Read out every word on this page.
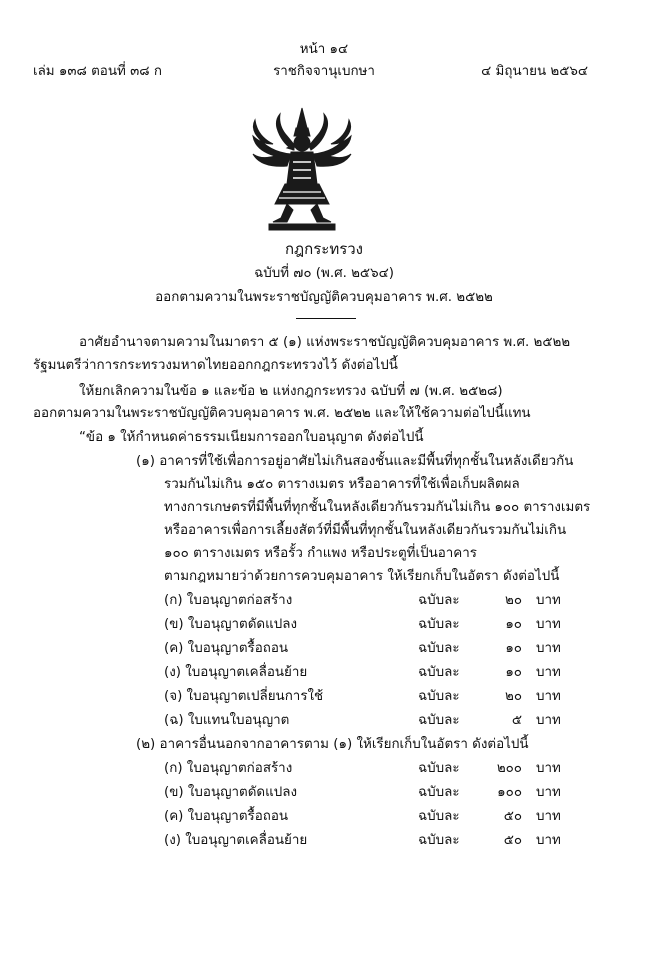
หน้า ๑๔
เล่ม ๑๓๘ ตอนที่ ๓๘ ก	ราชกิจจานุเบกษา	๔ มิถุนายน ๒๕๖๔
กฎกระทรวง
ฉบับที่ ๗๐ (พ.ศ. ๒๕๖๔)
ออกตามความในพระราชบัญญัติควบคุมอาคาร พ.ศ. ๒๕๒๒
อาศัยอำนาจตามความในมาตรา ๕ (๑) แห่งพระราชบัญญัติควบคุมอาคาร พ.ศ. ๒๕๒๒
รัฐมนตรีว่าการกระทรวงมหาดไทยออกกฎกระทรวงไว้ ดังต่อไปนี้
ให้ยกเลิกความในข้อ ๑ และข้อ ๒ แห่งกฎกระทรวง ฉบับที่ ๗ (พ.ศ. ๒๕๒๘)
ออกตามความในพระราชบัญญัติควบคุมอาคาร พ.ศ. ๒๕๒๒ และให้ใช้ความต่อไปนี้แทน
“ข้อ ๑ ให้กำหนดค่าธรรมเนียมการออกใบอนุญาต ดังต่อไปนี้
(๑) อาคารที่ใช้เพื่อการอยู่อาศัยไม่เกินสองชั้นและมีพื้นที่ทุกชั้นในหลังเดียวกัน
รวมกันไม่เกิน ๑๕๐ ตารางเมตร หรืออาคารที่ใช้เพื่อเก็บผลิตผล
ทางการเกษตรที่มีพื้นที่ทุกชั้นในหลังเดียวกันรวมกันไม่เกิน ๑๐๐ ตารางเมตร
หรืออาคารเพื่อการเลี้ยงสัตว์ที่มีพื้นที่ทุกชั้นในหลังเดียวกันรวมกันไม่เกิน
๑๐๐ ตารางเมตร หรือรั้ว กำแพง หรือประตูที่เป็นอาคาร
ตามกฎหมายว่าด้วยการควบคุมอาคาร ให้เรียกเก็บในอัตรา ดังต่อไปนี้
(ก) ใบอนุญาตก่อสร้าง	ฉบับละ	๒๐ บาท
(ข) ใบอนุญาตดัดแปลง	ฉบับละ	๑๐ บาท
(ค) ใบอนุญาตรื้อถอน	ฉบับละ	๑๐ บาท
(ง) ใบอนุญาตเคลื่อนย้าย	ฉบับละ	๑๐ บาท
(จ) ใบอนุญาตเปลี่ยนการใช้	ฉบับละ	๒๐ บาท
(ฉ) ใบแทนใบอนุญาต	ฉบับละ	๕ บาท
(๒) อาคารอื่นนอกจากอาคารตาม (๑) ให้เรียกเก็บในอัตรา ดังต่อไปนี้
(ก) ใบอนุญาตก่อสร้าง	ฉบับละ	๒๐๐ บาท
(ข) ใบอนุญาตดัดแปลง	ฉบับละ	๑๐๐ บาท
(ค) ใบอนุญาตรื้อถอน	ฉบับละ	๕๐ บาท
(ง) ใบอนุญาตเคลื่อนย้าย	ฉบับละ	๕๐ บาท
